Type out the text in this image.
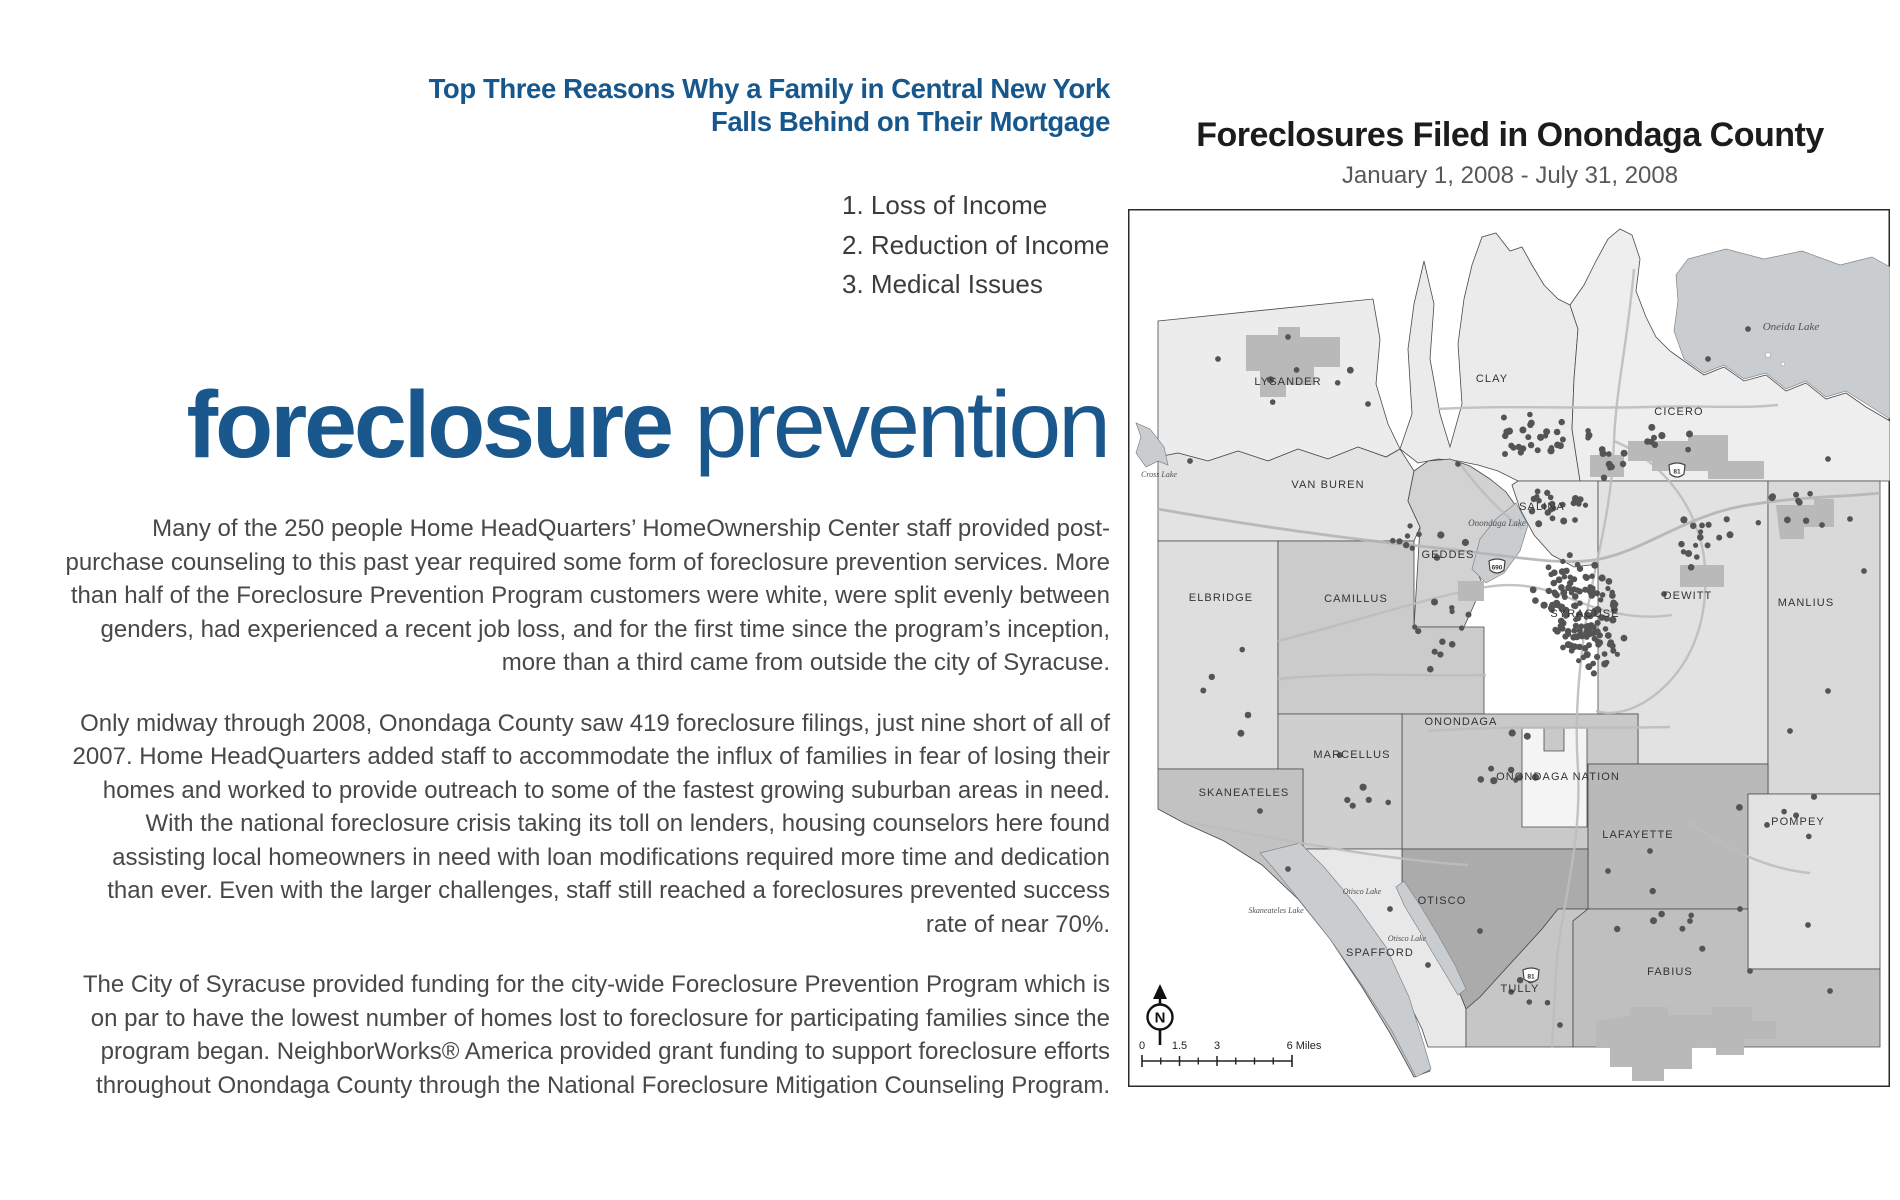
Top Three Reasons Why a Family in Central New York
Falls Behind on Their Mortgage
1. Loss of Income
2. Reduction of Income
3. Medical Issues
foreclosure prevention

Many of the 250 people Home HeadQuarters’ HomeOwnership Center staff provided post-purchase counseling to this past year required some form of foreclosure prevention services. More than half of the Foreclosure Prevention Program customers were white, were split evenly between genders, had experienced a recent job loss, and for the first time since the program’s inception, more than a third came from outside the city of Syracuse.

Only midway through 2008, Onondaga County saw 419 foreclosure filings, just nine short of all of 2007. Home HeadQuarters added staff to accommodate the influx of families in fear of losing their homes and worked to provide outreach to some of the fastest growing suburban areas in need. With the national foreclosure crisis taking its toll on lenders, housing counselors here found assisting local homeowners in need with loan modifications required more time and dedication than ever. Even with the larger challenges, staff still reached a foreclosures prevented success rate of near 70%.

The City of Syracuse provided funding for the city-wide Foreclosure Prevention Program which is on par to have the lowest number of homes lost to foreclosure for participating families since the program began. NeighborWorks® America provided grant funding to support foreclosure efforts throughout Onondaga County through the National Foreclosure Mitigation Counseling Program.

Foreclosures Filed in Onondaga County
January 1, 2008 - July 31, 2008
81
690
81
LYSANDER	CLAY
CICERO
VAN BUREN
SALINA
GEDDES
SYRACUSE
DEWITT
MANLIUS
ELBRIDGE	CAMILLUS
ONONDAGA
MARCELLUS
SKANEATELES
ONONDAGA NATION
LAFAYETTE
POMPEY
OTISCO
SPAFFORD
TULLY
FABIUS
Oneida Lake
Onondaga Lake
Cross Lake
Otisco Lake
Otisco Lake
Skaneateles Lake
N
0 1.5 3	6 Miles
